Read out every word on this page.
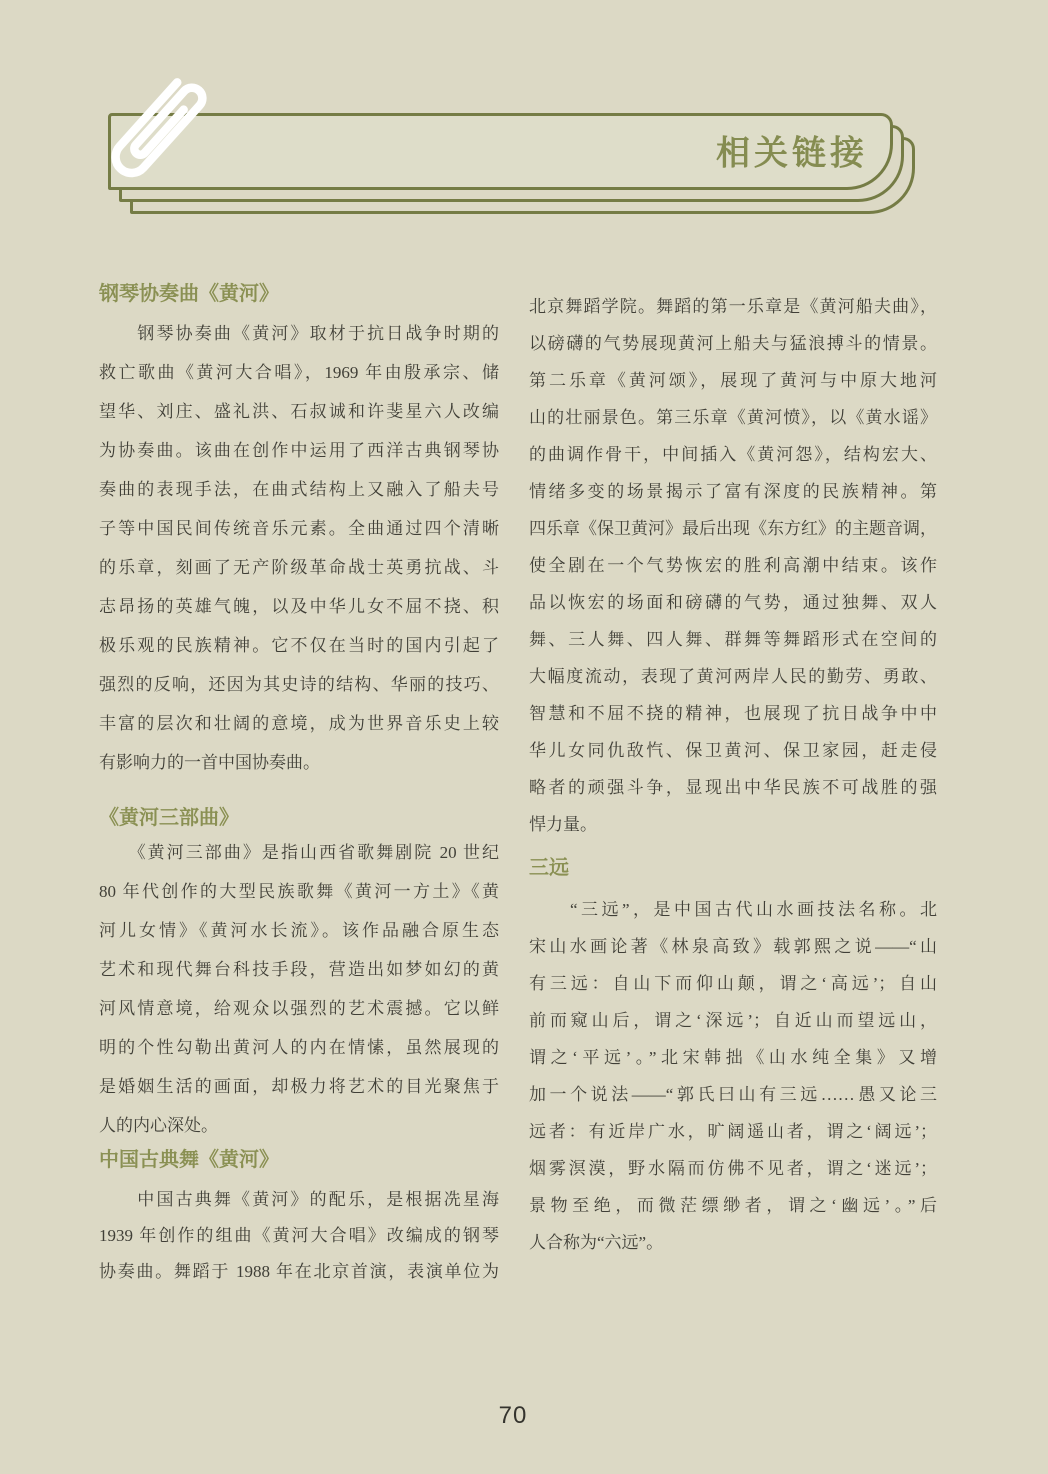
相关链接
钢琴协奏曲《黄河》
　　钢琴协奏曲《黄河》取材于抗日战争时期的
救亡歌曲《黄河大合唱》，1969 年由殷承宗、储
望华、刘庄、盛礼洪、石叔诚和许斐星六人改编
为协奏曲。该曲在创作中运用了西洋古典钢琴协
奏曲的表现手法，在曲式结构上又融入了船夫号
子等中国民间传统音乐元素。全曲通过四个清晰
的乐章，刻画了无产阶级革命战士英勇抗战、斗
志昂扬的英雄气魄，以及中华儿女不屈不挠、积
极乐观的民族精神。它不仅在当时的国内引起了
强烈的反响，还因为其史诗的结构、华丽的技巧、
丰富的层次和壮阔的意境，成为世界音乐史上较
有影响力的一首中国协奏曲。
《黄河三部曲》
　　《黄河三部曲》是指山西省歌舞剧院 20 世纪
80 年代创作的大型民族歌舞《黄河一方土》《黄
河儿女情》《黄河水长流》。该作品融合原生态
艺术和现代舞台科技手段，营造出如梦如幻的黄
河风情意境，给观众以强烈的艺术震撼。它以鲜
明的个性勾勒出黄河人的内在情愫，虽然展现的
是婚姻生活的画面，却极力将艺术的目光聚焦于
人的内心深处。
中国古典舞《黄河》
　　中国古典舞《黄河》的配乐，是根据冼星海
1939 年创作的组曲《黄河大合唱》改编成的钢琴
协奏曲。舞蹈于 1988 年在北京首演，表演单位为
北京舞蹈学院。舞蹈的第一乐章是《黄河船夫曲》，
以磅礴的气势展现黄河上船夫与猛浪搏斗的情景。
第二乐章《黄河颂》，展现了黄河与中原大地河
山的壮丽景色。第三乐章《黄河愤》，以《黄水谣》
的曲调作骨干，中间插入《黄河怨》，结构宏大、
情绪多变的场景揭示了富有深度的民族精神。第
四乐章《保卫黄河》最后出现《东方红》的主题音调，
使全剧在一个气势恢宏的胜利高潮中结束。该作
品以恢宏的场面和磅礴的气势，通过独舞、双人
舞、三人舞、四人舞、群舞等舞蹈形式在空间的
大幅度流动，表现了黄河两岸人民的勤劳、勇敢、
智慧和不屈不挠的精神，也展现了抗日战争中中
华儿女同仇敌忾、保卫黄河、保卫家园，赶走侵
略者的顽强斗争，显现出中华民族不可战胜的强
悍力量。
三远
　　“三远”，是中国古代山水画技法名称。北
宋山水画论著《林泉高致》载郭熙之说——“山
有三远：自山下而仰山颠，谓之‘高远’；自山
前而窥山后，谓之‘深远’；自近山而望远山，
谓之‘平远’。”北宋韩拙《山水纯全集》又增
加一个说法——“郭氏曰山有三远……愚又论三
远者：有近岸广水，旷阔遥山者，谓之‘阔远’；
烟雾溟漠，野水隔而仿佛不见者，谓之‘迷远’；
景物至绝，而微茫缥缈者，谓之‘幽远’。”后
人合称为“六远”。
70
